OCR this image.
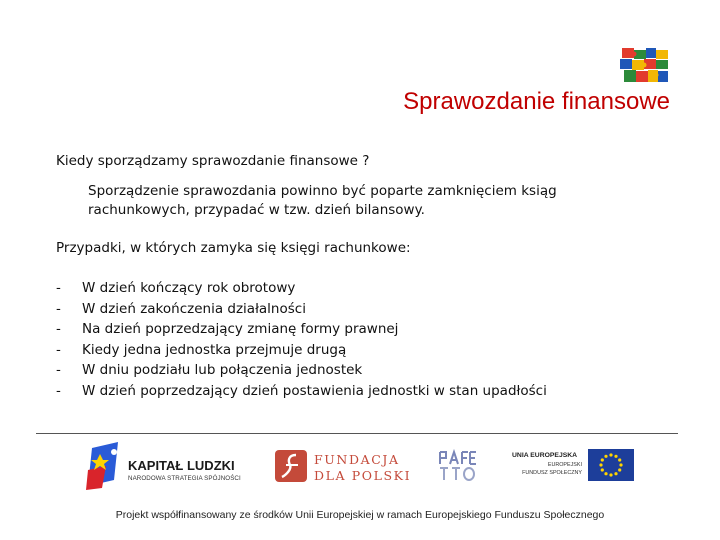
Sprawozdanie finansowe
Kiedy sporządzamy sprawozdanie finansowe ?
Sporządzenie sprawozdania powinno być poparte zamknięciem ksiąg rachunkowych, przypadać w tzw. dzień bilansowy.
Przypadki, w których zamyka się księgi rachunkowe:
-	W dzień kończący rok obrotowy
-	W dzień zakończenia działalności
-	Na dzień poprzedzający zmianę formy prawnej
-	Kiedy jedna jednostka przejmuje drugą
-	W dniu podziału lub połączenia jednostek
-	W dzień poprzedzający dzień postawienia jednostki w stan upadłości
KAPITAŁ LUDZKI
NARODOWA STRATEGIA SPÓJNOŚCI
FUNDACJA
DLA POLSKI
UNIA EUROPEJSKA
EUROPEJSKI
FUNDUSZ SPOŁECZNY
Projekt współfinansowany ze środków Unii Europejskiej w ramach Europejskiego Funduszu Społecznego
